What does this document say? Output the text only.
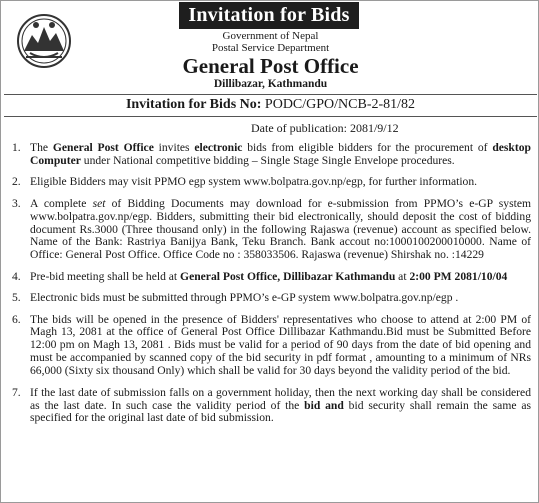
Invitation for Bids
Government of Nepal
Postal Service Department
General Post Office
Dillibazar, Kathmandu
Invitation for Bids No: PODC/GPO/NCB-2-81/82
Date of publication: 2081/9/12
1. The General Post Office invites electronic bids from eligible bidders for the procurement of desktop Computer under National competitive bidding – Single Stage Single Envelope procedures.
2. Eligible Bidders may visit PPMO egp system www.bolpatra.gov.np/egp, for further information.
3. A complete set of Bidding Documents may download for e-submission from PPMO’s e-GP system www.bolpatra.gov.np/egp. Bidders, submitting their bid electronically, should deposit the cost of bidding document Rs.3000 (Three thousand only) in the following Rajaswa (revenue) account as specified below. Name of the Bank: Rastriya Banijya Bank, Teku Branch. Bank accout no:1000100200010000. Name of Office: General Post Office. Office Code no : 358033506. Rajaswa (revenue) Shirshak no. :14229
4. Pre-bid meeting shall be held at General Post Office, Dillibazar Kathmandu at 2:00 PM 2081/10/04
5. Electronic bids must be submitted through PPMO’s e-GP system www.bolpatra.gov.np/egp .
6. The bids will be opened in the presence of Bidders' representatives who choose to attend at 2:00 PM of Magh 13, 2081 at the office of General Post Office Dillibazar Kathmandu.Bid must be Submitted Before 12:00 pm on Magh 13, 2081 . Bids must be valid for a period of 90 days from the date of bid opening and must be accompanied by scanned copy of the bid security in pdf format , amounting to a minimum of NRs 66,000 (Sixty six thousand Only) which shall be valid for 30 days beyond the validity period of the bid.
7. If the last date of submission falls on a government holiday, then the next working day shall be considered as the last date. In such case the validity period of the bid and bid security shall remain the same as specified for the original last date of bid submission.
